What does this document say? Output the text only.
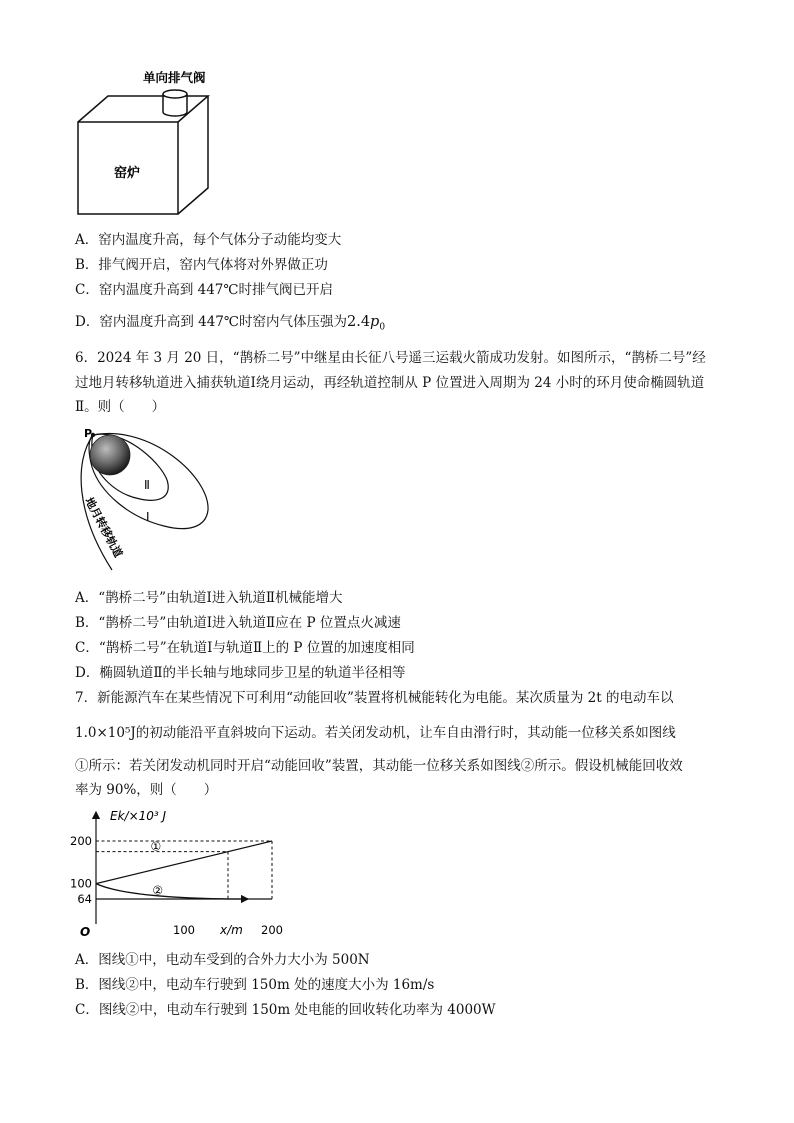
单向排气阀
窑炉
A．窑内温度升高，每个气体分子动能均变大
B．排气阀开启，窑内气体将对外界做正功
C．窑内温度升高到 447℃时排气阀已开启
D．窑内温度升高到 447℃时窑内气体压强为$2.4p_0$
6．2024 年 3 月 20 日，“鹊桥二号”中继星由长征八号遥三运载火箭成功发射。如图所示，“鹊桥二号”经
过地月转移轨道进入捕获轨道Ⅰ绕月运动，再经轨道控制从 P 位置进入周期为 24 小时的环月使命椭圆轨道
Ⅱ。则（　　）
P
Ⅱ
I
地月转移轨道
A．“鹊桥二号”由轨道Ⅰ进入轨道Ⅱ机械能增大
B．“鹊桥二号”由轨道Ⅰ进入轨道Ⅱ应在 P 位置点火减速
C．“鹊桥二号”在轨道Ⅰ与轨道Ⅱ上的 P 位置的加速度相同
D．椭圆轨道Ⅱ的半长轴与地球同步卫星的轨道半径相等
7．新能源汽车在某些情况下可利用“动能回收”装置将机械能转化为电能。某次质量为 2t 的电动车以
1.0×10⁵J的初动能沿平直斜坡向下运动。若关闭发动机，让车自由滑行时，其动能一位移关系如图线
①所示：若关闭发动机同时开启“动能回收”装置，其动能一位移关系如图线②所示。假设机械能回收效
率为 90%，则（　　）
Ek/×10³ J
x/m
O
200
100
64
100	200
①
②
A．图线①中，电动车受到的合外力大小为 500N
B．图线②中，电动车行驶到 150m 处的速度大小为 16m/s
C．图线②中，电动车行驶到 150m 处电能的回收转化功率为 4000W
